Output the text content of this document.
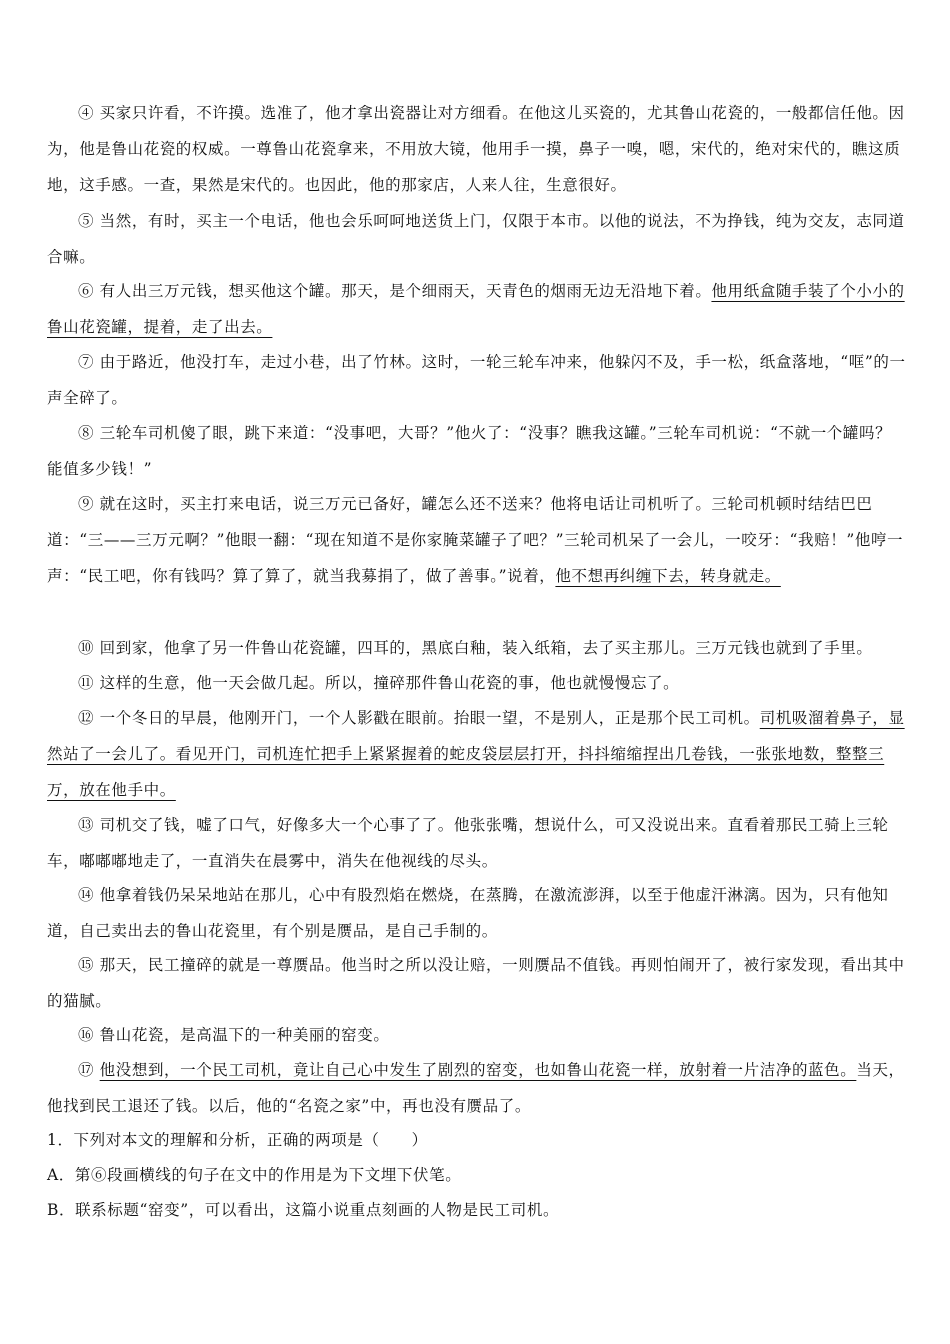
④ 买家只许看，不许摸。选准了，他才拿出瓷器让对方细看。在他这儿买瓷的，尤其鲁山花瓷的，一般都信任他。因为，他是鲁山花瓷的权威。一尊鲁山花瓷拿来，不用放大镜，他用手一摸，鼻子一嗅，嗯，宋代的，绝对宋代的，瞧这质地，这手感。一查，果然是宋代的。也因此，他的那家店，人来人往，生意很好。

⑤ 当然，有时，买主一个电话，他也会乐呵呵地送货上门，仅限于本市。以他的说法，不为挣钱，纯为交友，志同道合嘛。

⑥ 有人出三万元钱，想买他这个罐。那天，是个细雨天，天青色的烟雨无边无沿地下着。他用纸盒随手装了个小小的鲁山花瓷罐，提着，走了出去。

⑦ 由于路近，他没打车，走过小巷，出了竹林。这时，一轮三轮车冲来，他躲闪不及，手一松，纸盒落地，“哐”的一声全碎了。

⑧ 三轮车司机傻了眼，跳下来道：“没事吧，大哥？”他火了：“没事？瞧我这罐。”三轮车司机说：“不就一个罐吗？能值多少钱！”

⑨ 就在这时，买主打来电话，说三万元已备好，罐怎么还不送来？他将电话让司机听了。三轮司机顿时结结巴巴道：“三——三万元啊？”他眼一翻：“现在知道不是你家腌菜罐子了吧？”三轮司机呆了一会儿，一咬牙：“我赔！”他哼一声：“民工吧，你有钱吗？算了算了，就当我募捐了，做了善事。”说着，他不想再纠缠下去，转身就走。

⑩ 回到家，他拿了另一件鲁山花瓷罐，四耳的，黑底白釉，装入纸箱，去了买主那儿。三万元钱也就到了手里。

⑪ 这样的生意，他一天会做几起。所以，撞碎那件鲁山花瓷的事，他也就慢慢忘了。

⑫ 一个冬日的早晨，他刚开门，一个人影戳在眼前。抬眼一望，不是别人，正是那个民工司机。司机吸溜着鼻子，显然站了一会儿了。看见开门，司机连忙把手上紧紧握着的蛇皮袋层层打开，抖抖缩缩捏出几卷钱，一张张地数，整整三万，放在他手中。

⑬ 司机交了钱，嘘了口气，好像多大一个心事了了。他张张嘴，想说什么，可又没说出来。直看着那民工骑上三轮车，嘟嘟嘟地走了，一直消失在晨雾中，消失在他视线的尽头。

⑭ 他拿着钱仍呆呆地站在那儿，心中有股烈焰在燃烧，在蒸腾，在激流澎湃，以至于他虚汗淋漓。因为，只有他知道，自己卖出去的鲁山花瓷里，有个别是赝品，是自己手制的。

⑮ 那天，民工撞碎的就是一尊赝品。他当时之所以没让赔，一则赝品不值钱。再则怕闹开了，被行家发现，看出其中的猫腻。

⑯ 鲁山花瓷，是高温下的一种美丽的窑变。

⑰ 他没想到，一个民工司机，竟让自己心中发生了剧烈的窑变，也如鲁山花瓷一样，放射着一片洁净的蓝色。当天，他找到民工退还了钱。以后，他的“名瓷之家”中，再也没有赝品了。

1．下列对本文的理解和分析，正确的两项是（　　）

A．第⑥段画横线的句子在文中的作用是为下文埋下伏笔。

B．联系标题“窑变”，可以看出，这篇小说重点刻画的人物是民工司机。
